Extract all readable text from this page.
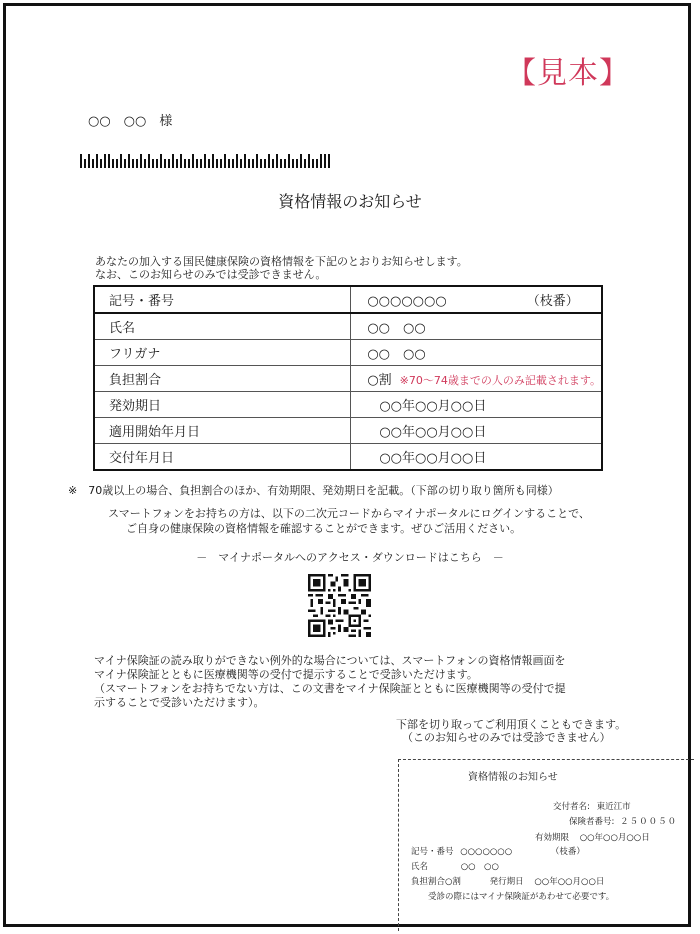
【見本】
○○　○○　様
資格情報のお知らせ
あなたの加入する国民健康保険の資格情報を下記のとおりお知らせします。
なお、このお知らせのみでは受診できません。
記号・番号	○○○○○○○ （枝番）
氏名	○○　○○
フリガナ	○○　○○
負担割合	○割 ※70～74歳までの人のみ記載されます。
発効期日	○○年○○月○○日
適用開始年月日	○○年○○月○○日
交付年月日	○○年○○月○○日
※　70歳以上の場合、負担割合のほか、有効期限、発効期日を記載。（下部の切り取り箇所も同様）
スマートフォンをお持ちの方は、以下の二次元コードからマイナポータルにログインすることで、
ご自身の健康保険の資格情報を確認することができます。ぜひご活用ください。
－　マイナポータルへのアクセス・ダウンロードはこちら　－
マイナ保険証の読み取りができない例外的な場合については、スマートフォンの資格情報画面を
マイナ保険証とともに医療機関等の受付で提示することで受診いただけます。
（スマートフォンをお持ちでない方は、この文書をマイナ保険証とともに医療機関等の受付で提
示することで受診いただけます）。
下部を切り取ってご利用頂くこともできます。
（このお知らせのみでは受診できません）
資格情報のお知らせ
交付者名: 東近江市
保険者番号: ２５００５０
有効期限 ○○年○○月○○日
記号・番号 ○○○○○○○	（枝番）
氏名	○○　○○
負担割合○割	発行期日 ○○年○○月○○日
受診の際にはマイナ保険証があわせて必要です。
